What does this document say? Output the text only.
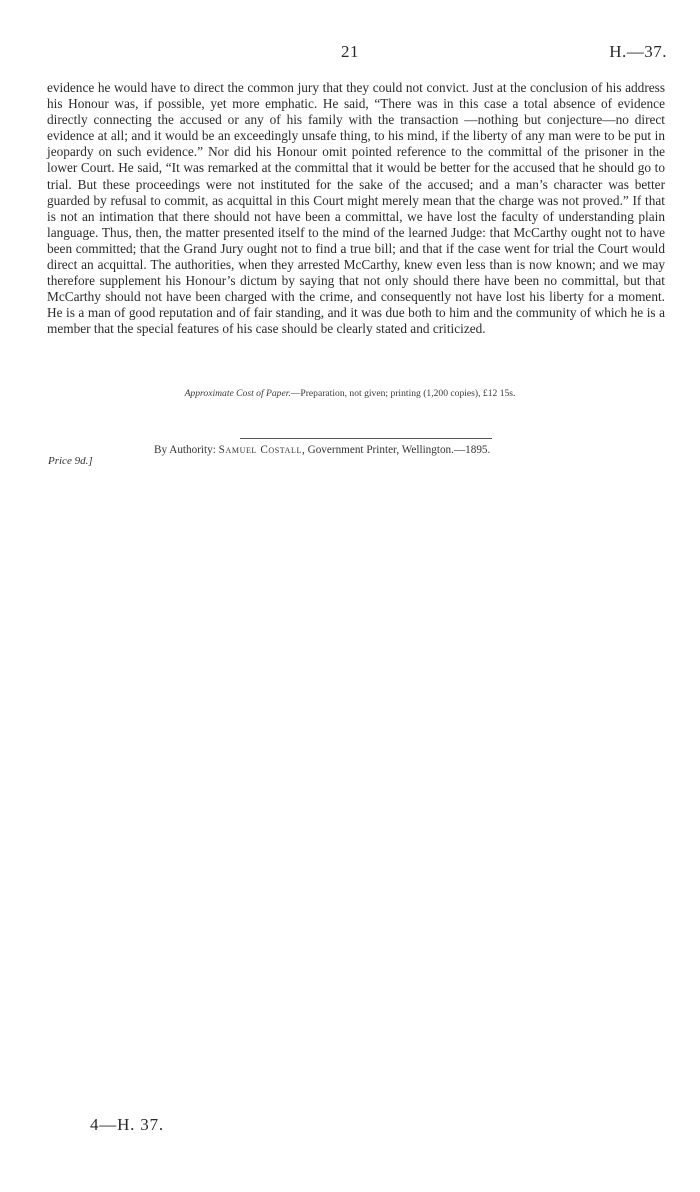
21	H.—37.

evidence he would have to direct the common jury that they could not convict. Just at the conclusion of his address his Honour was, if possible, yet more emphatic. He said, “There was in this case a total absence of evidence directly connecting the accused or any of his family with the transaction —nothing but conjecture—no direct evidence at all; and it would be an exceedingly unsafe thing, to his mind, if the liberty of any man were to be put in jeopardy on such evidence.” Nor did his Honour omit pointed reference to the committal of the prisoner in the lower Court. He said, “It was remarked at the committal that it would be better for the accused that he should go to trial. But these proceedings were not instituted for the sake of the accused; and a man’s character was better guarded by refusal to commit, as acquittal in this Court might merely mean that the charge was not proved.” If that is not an intimation that there should not have been a committal, we have lost the faculty of understanding plain language. Thus, then, the matter presented itself to the mind of the learned Judge: that McCarthy ought not to have been committed; that the Grand Jury ought not to find a true bill; and that if the case went for trial the Court would direct an acquittal. The authorities, when they arrested McCarthy, knew even less than is now known; and we may therefore supplement his Honour’s dictum by saying that not only should there have been no committal, but that McCarthy should not have been charged with the crime, and consequently not have lost his liberty for a moment. He is a man of good reputation and of fair standing, and it was due both to him and the community of which he is a member that the special features of his case should be clearly stated and criticized.

Approximate Cost of Paper.—Preparation, not given; printing (1,200 copies), £12 15s.
By Authority: Samuel Costall, Government Printer, Wellington.—1895.
Price 9d.]
4—H. 37.
